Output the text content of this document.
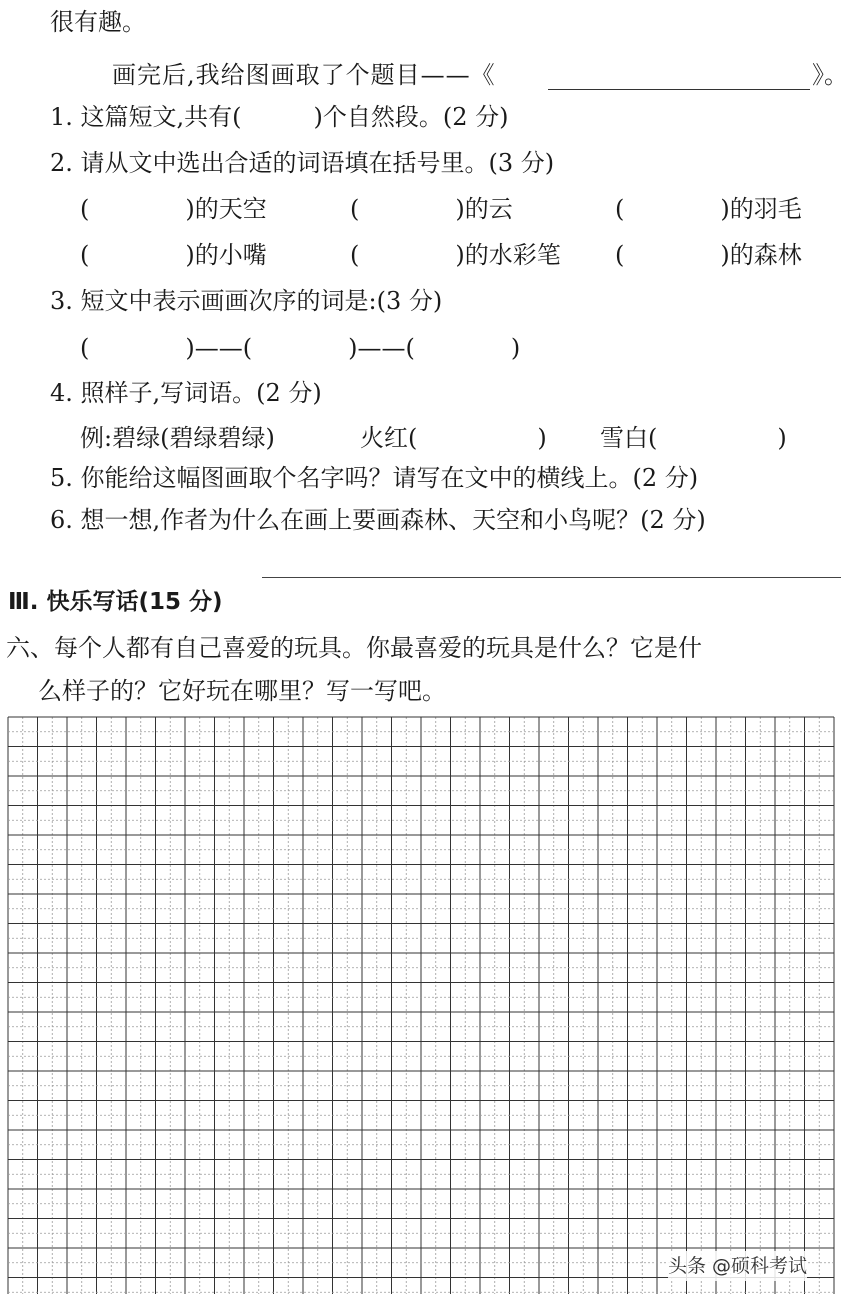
很有趣。
画完后,我给图画取了个题目——《	》。
1. 这篇短文,共有(　　　)个自然段。(2 分)
2. 请从文中选出合适的词语填在括号里。(3 分)
(　　　　)的天空	(　　　　)的云	(　　　　)的羽毛
(　　　　)的小嘴	(　　　　)的水彩笔 (　　　　)的森林
3. 短文中表示画画次序的词是:(3 分)
(　　　　)——(　　　　)——(　　　　)
4. 照样子,写词语。(2 分)
例:碧绿(碧绿碧绿)	火红(　　　　　) 雪白(　　　　　)
5. 你能给这幅图画取个名字吗？请写在文中的横线上。(2 分)
6. 想一想,作者为什么在画上要画森林、天空和小鸟呢？(2 分)
Ⅲ. 快乐写话(15 分)
六、每个人都有自己喜爱的玩具。你最喜爱的玩具是什么？它是什
么样子的？它好玩在哪里？写一写吧。
头条 @硕科考试
